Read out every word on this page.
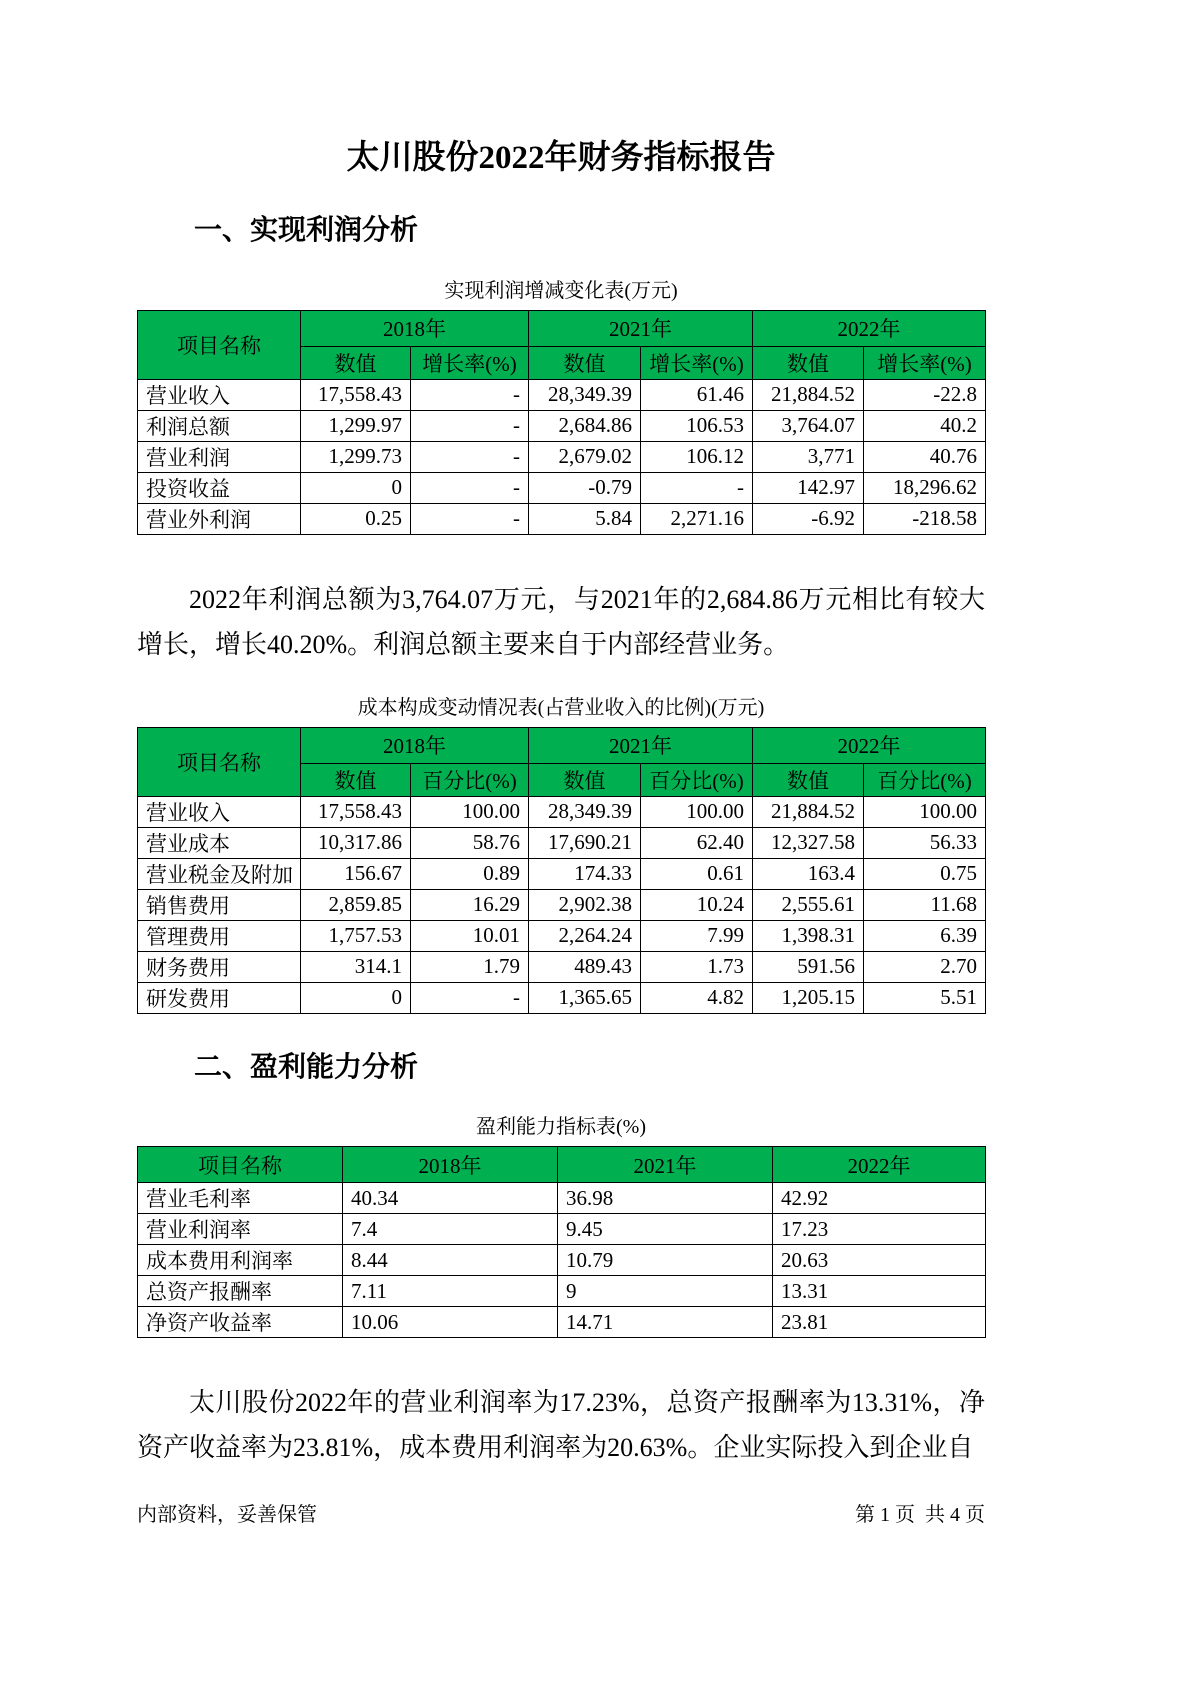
太川股份2022年财务指标报告
一、实现利润分析
实现利润增减变化表(万元)
项目名称	2018年		2021年		2022年	
	数值	增长率(%)	数值	增长率(%)	数值	增长率(%)
营业收入	17,558.43	-	28,349.39	61.46	21,884.52	-22.8
利润总额	1,299.97	-	2,684.86	106.53	3,764.07	40.2
营业利润	1,299.73	-	2,679.02	106.12	3,771	40.76
投资收益	0	-	-0.79	-	142.97	18,296.62
营业外利润	0.25	-	5.84	2,271.16	-6.92	-218.58
2022年利润总额为3,764.07万元，与2021年的2,684.86万元相比有较大增长，增长40.20%。利润总额主要来自于内部经营业务。
成本构成变动情况表(占营业收入的比例)(万元)
项目名称	2018年		2021年		2022年	
	数值	百分比(%)	数值	百分比(%)	数值	百分比(%)
营业收入	17,558.43	100.00	28,349.39	100.00	21,884.52	100.00
营业成本	10,317.86	58.76	17,690.21	62.40	12,327.58	56.33
营业税金及附加	156.67	0.89	174.33	0.61	163.4	0.75
销售费用	2,859.85	16.29	2,902.38	10.24	2,555.61	11.68
管理费用	1,757.53	10.01	2,264.24	7.99	1,398.31	6.39
财务费用	314.1	1.79	489.43	1.73	591.56	2.70
研发费用	0	-	1,365.65	4.82	1,205.15	5.51
二、盈利能力分析
盈利能力指标表(%)
项目名称	2018年	2021年	2022年
营业毛利率	40.34	36.98	42.92
营业利润率	7.4	9.45	17.23
成本费用利润率	8.44	10.79	20.63
总资产报酬率	7.11	9	13.31
净资产收益率	10.06	14.71	23.81
太川股份2022年的营业利润率为17.23%，总资产报酬率为13.31%，净资产收益率为23.81%，成本费用利润率为20.63%。企业实际投入到企业自
内部资料，妥善保管	第 1 页  共 4 页
